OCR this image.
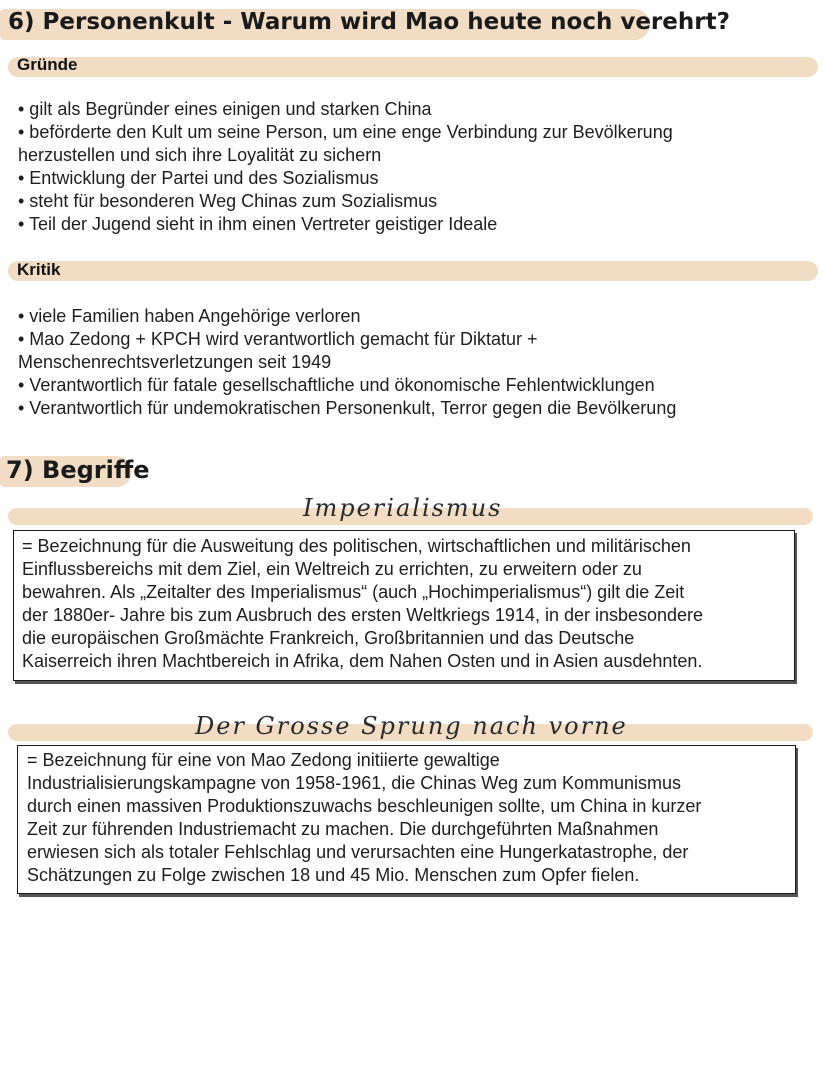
6) Personenkult - Warum wird Mao heute noch verehrt?
Gründe
• gilt als Begründer eines einigen und starken China
• beförderte den Kult um seine Person, um eine enge Verbindung zur Bevölkerung
herzustellen und sich ihre Loyalität zu sichern
• Entwicklung der Partei und des Sozialismus
• steht für besonderen Weg Chinas zum Sozialismus
• Teil der Jugend sieht in ihm einen Vertreter geistiger Ideale
Kritik
• viele Familien haben Angehörige verloren
• Mao Zedong + KPCH wird verantwortlich gemacht für Diktatur +
Menschenrechtsverletzungen seit 1949
• Verantwortlich für fatale gesellschaftliche und ökonomische Fehlentwicklungen
• Verantwortlich für undemokratischen Personenkult, Terror gegen die Bevölkerung
7) Begriffe
Imperialismus
= Bezeichnung für die Ausweitung des politischen, wirtschaftlichen und militärischen
Einflussbereichs mit dem Ziel, ein Weltreich zu errichten, zu erweitern oder zu
bewahren. Als „Zeitalter des Imperialismus“ (auch „Hochimperialismus“) gilt die Zeit
der 1880er- Jahre bis zum Ausbruch des ersten Weltkriegs 1914, in der insbesondere
die europäischen Großmächte Frankreich, Großbritannien und das Deutsche
Kaiserreich ihren Machtbereich in Afrika, dem Nahen Osten und in Asien ausdehnten.
Der Grosse Sprung nach vorne
= Bezeichnung für eine von Mao Zedong initiierte gewaltige
Industrialisierungskampagne von 1958-1961, die Chinas Weg zum Kommunismus
durch einen massiven Produktionszuwachs beschleunigen sollte, um China in kurzer
Zeit zur führenden Industriemacht zu machen. Die durchgeführten Maßnahmen
erwiesen sich als totaler Fehlschlag und verursachten eine Hungerkatastrophe, der
Schätzungen zu Folge zwischen 18 und 45 Mio. Menschen zum Opfer fielen.
